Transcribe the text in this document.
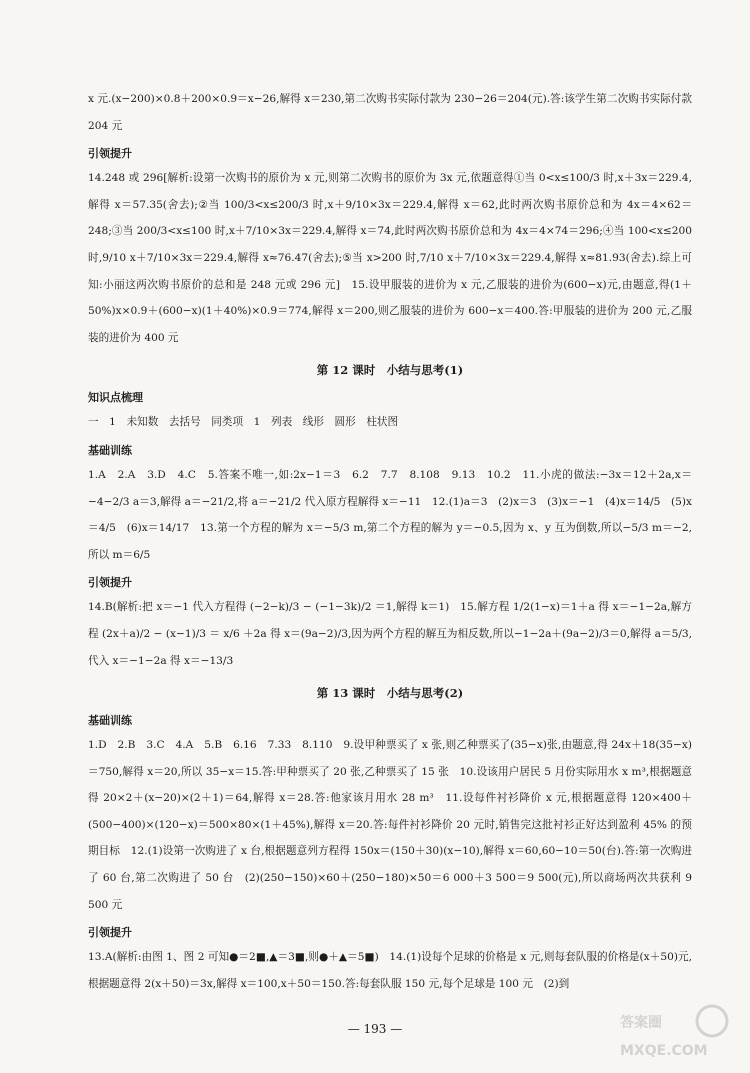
x 元.(x−200)×0.8＋200×0.9＝x−26,解得 x＝230,第二次购书实际付款为 230−26＝204(元).答:该学生第二次购书实际付款 204 元

引领提升

14.248 或 296[解析:设第一次购书的原价为 x 元,则第二次购书的原价为 3x 元,依题意得①当 0<x≤100/3 时,x＋3x＝229.4,解得 x＝57.35(舍去);②当 100/3<x≤200/3 时,x＋9/10×3x＝229.4,解得 x＝62,此时两次购书原价总和为 4x＝4×62＝248;③当 200/3<x≤100 时,x＋7/10×3x＝229.4,解得 x＝74,此时两次购书原价总和为 4x＝4×74＝296;④当 100<x≤200 时,9/10 x＋7/10×3x＝229.4,解得 x≈76.47(舍去);⑤当 x>200 时,7/10 x＋7/10×3x＝229.4,解得 x≈81.93(舍去).综上可知:小丽这两次购书原价的总和是 248 元或 296 元]　15.设甲服装的进价为 x 元,乙服装的进价为(600−x)元,由题意,得(1＋50%)x×0.9＋(600−x)(1＋40%)×0.9＝774,解得 x＝200,则乙服装的进价为 600−x＝400.答:甲服装的进价为 200 元,乙服装的进价为 400 元

第 12 课时　小结与思考(1)
知识点梳理

一　1　未知数　去括号　同类项　1　列表　线形　圆形　柱状图

基础训练

1.A　2.A　3.D　4.C　5.答案不唯一,如:2x−1＝3　6.2　7.7　8.108　9.13　10.2　11.小虎的做法:−3x＝12＋2a,x＝−4−2/3 a＝3,解得 a＝−21/2,将 a＝−21/2 代入原方程解得 x＝−11　12.(1)a＝3　(2)x＝3　(3)x＝−1　(4)x＝14/5　(5)x＝4/5　(6)x＝14/17　13.第一个方程的解为 x＝−5/3 m,第二个方程的解为 y＝−0.5,因为 x、y 互为倒数,所以−5/3 m＝−2,所以 m＝6/5

引领提升

14.B(解析:把 x＝−1 代入方程得 (−2−k)/3 − (−1−3k)/2 ＝1,解得 k＝1)　15.解方程 1/2(1−x)＝1＋a 得 x＝−1−2a,解方程 (2x＋a)/2 − (x−1)/3 ＝ x/6 ＋2a 得 x＝(9a−2)/3,因为两个方程的解互为相反数,所以−1−2a＋(9a−2)/3＝0,解得 a＝5/3,代入 x＝−1−2a 得 x＝−13/3

第 13 课时　小结与思考(2)
基础训练

1.D　2.B　3.C　4.A　5.B　6.16　7.33　8.110　9.设甲种票买了 x 张,则乙种票买了(35−x)张,由题意,得 24x＋18(35−x)＝750,解得 x＝20,所以 35−x＝15.答:甲种票买了 20 张,乙种票买了 15 张　10.设该用户居民 5 月份实际用水 x m³,根据题意得 20×2＋(x−20)×(2＋1)＝64,解得 x＝28.答:他家该月用水 28 m³　11.设每件衬衫降价 x 元,根据题意得 120×400＋(500−400)×(120−x)＝500×80×(1＋45%),解得 x＝20.答:每件衬衫降价 20 元时,销售完这批衬衫正好达到盈利 45% 的预期目标　12.(1)设第一次购进了 x 台,根据题意列方程得 150x＝(150＋30)(x−10),解得 x＝60,60−10＝50(台).答:第一次购进了 60 台,第二次购进了 50 台　(2)(250−150)×60＋(250−180)×50＝6 000＋3 500＝9 500(元),所以商场两次共获利 9 500 元

引领提升

13.A(解析:由图 1、图 2 可知●＝2■,▲＝3■,则●＋▲＝5■)　14.(1)设每个足球的价格是 x 元,则每套队服的价格是(x＋50)元,根据题意得 2(x＋50)＝3x,解得 x＝100,x＋50＝150.答:每套队服 150 元,每个足球是 100 元　(2)到

— 193 —	答案圈
MXQE.COM
